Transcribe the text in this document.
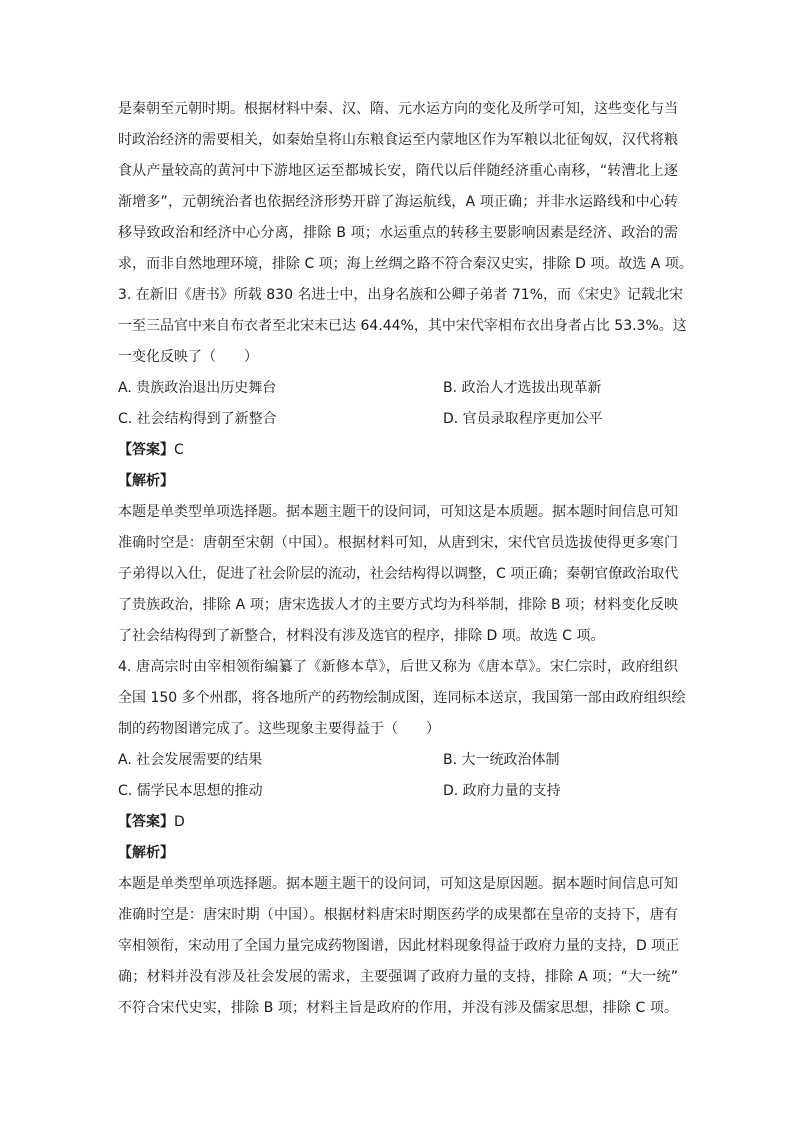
是秦朝至元朝时期。根据材料中秦、汉、隋、元水运方向的变化及所学可知，这些变化与当

时政治经济的需要相关，如秦始皇将山东粮食运至内蒙地区作为军粮以北征匈奴，汉代将粮

食从产量较高的黄河中下游地区运至都城长安，隋代以后伴随经济重心南移，“转漕北上逐

渐增多”，元朝统治者也依据经济形势开辟了海运航线，A 项正确；并非水运路线和中心转

移导致政治和经济中心分离，排除 B 项；水运重点的转移主要影响因素是经济、政治的需

求，而非自然地理环境，排除 C 项；海上丝绸之路不符合秦汉史实，排除 D 项。故选 A 项。

3. 在新旧《唐书》所载 830 名进士中，出身名族和公卿子弟者 71%，而《宋史》记载北宋

一至三品官中来自布衣者至北宋末已达 64.44%，其中宋代宰相布衣出身者占比 53.3%。这

一变化反映了（　　）

A. 贵族政治退出历史舞台	B. 政治人才选拔出现革新
C. 社会结构得到了新整合	D. 官员录取程序更加公平

【答案】C

【解析】

本题是单类型单项选择题。据本题主题干的设问词，可知这是本质题。据本题时间信息可知

准确时空是：唐朝至宋朝（中国）。根据材料可知，从唐到宋，宋代官员选拔使得更多寒门

子弟得以入仕，促进了社会阶层的流动，社会结构得以调整，C 项正确；秦朝官僚政治取代

了贵族政治，排除 A 项；唐宋选拔人才的主要方式均为科举制，排除 B 项；材料变化反映

了社会结构得到了新整合，材料没有涉及选官的程序，排除 D 项。故选 C 项。

4. 唐高宗时由宰相领衔编纂了《新修本草》，后世又称为《唐本草》。宋仁宗时，政府组织

全国 150 多个州郡，将各地所产的药物绘制成图，连同标本送京，我国第一部由政府组织绘

制的药物图谱完成了。这些现象主要得益于（　　）

A. 社会发展需要的结果	B. 大一统政治体制
C. 儒学民本思想的推动	D. 政府力量的支持

【答案】D

【解析】

本题是单类型单项选择题。据本题主题干的设问词，可知这是原因题。据本题时间信息可知

准确时空是：唐宋时期（中国）。根据材料唐宋时期医药学的成果都在皇帝的支持下，唐有

宰相领衔，宋动用了全国力量完成药物图谱，因此材料现象得益于政府力量的支持，D 项正

确；材料并没有涉及社会发展的需求，主要强调了政府力量的支持，排除 A 项；“大一统”

不符合宋代史实，排除 B 项；材料主旨是政府的作用，并没有涉及儒家思想，排除 C 项。
